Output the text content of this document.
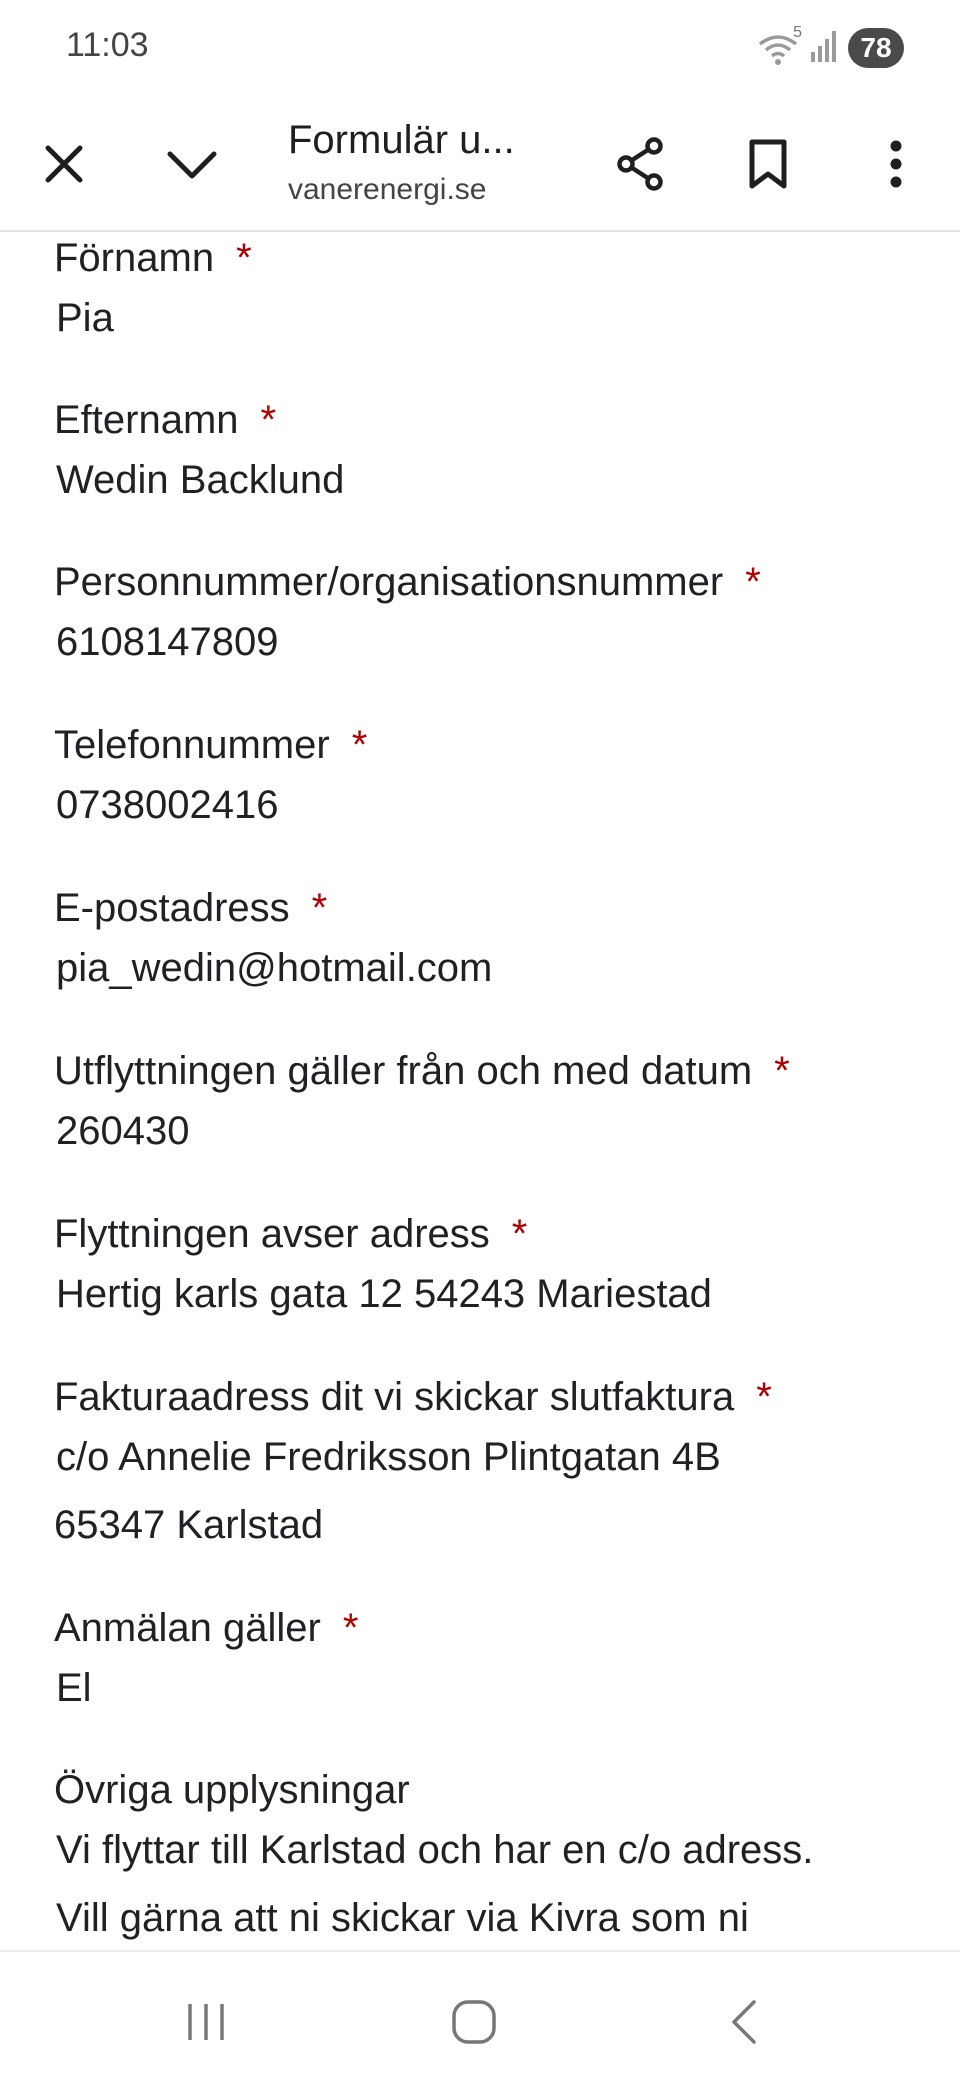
11:03	5	78
Formulär u...
vanerenergi.se
Förnamn *
Pia
Efternamn *
Wedin Backlund
Personnummer/organisationsnummer *
6108147809
Telefonnummer *
0738002416
E-postadress *
pia_wedin@hotmail.com
Utflyttningen gäller från och med datum *
260430
Flyttningen avser adress *
Hertig karls gata 12 54243 Mariestad
Fakturaadress dit vi skickar slutfaktura *
c/o Annelie Fredriksson Plintgatan 4B
65347 Karlstad
Anmälan gäller *
El
Övriga upplysningar
Vi flyttar till Karlstad och har en c/o adress.
Vill gärna att ni skickar via Kivra som ni
